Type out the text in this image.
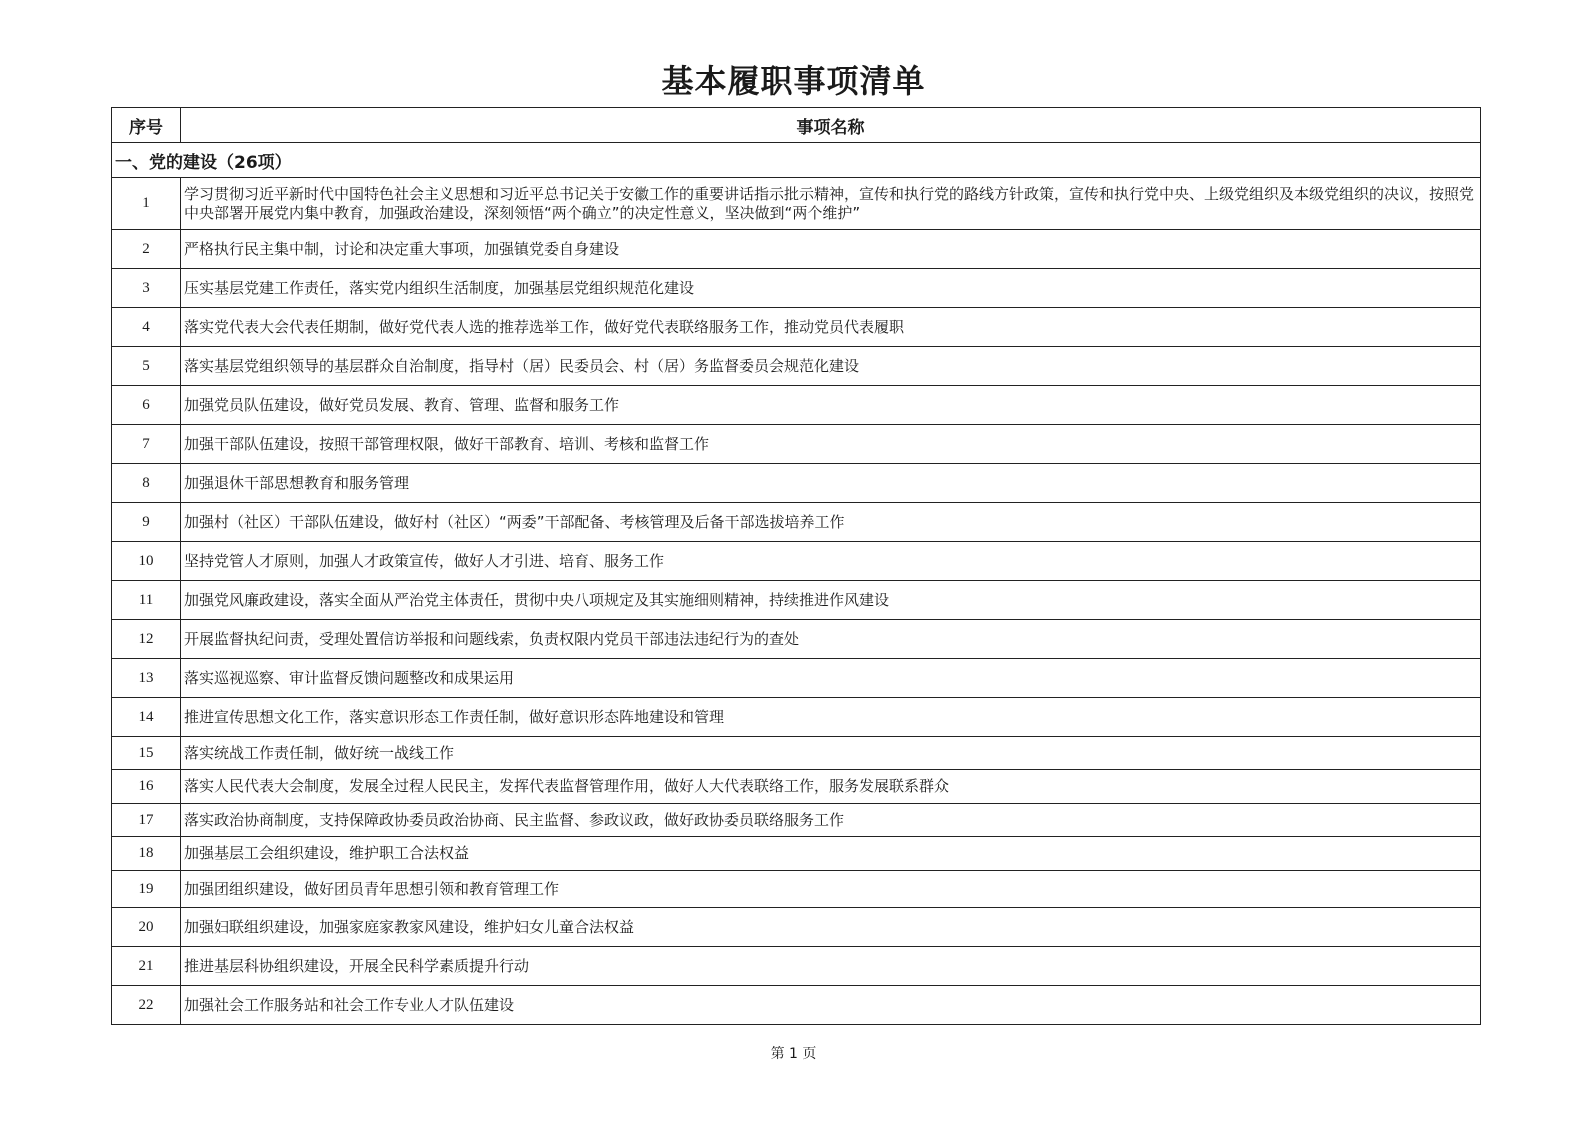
基本履职事项清单
序号	事项名称
一、党的建设（26项）	
1	学习贯彻习近平新时代中国特色社会主义思想和习近平总书记关于安徽工作的重要讲话指示批示精神，宣传和执行党的路线方针政策，宣传和执行党中央、上级党组织及本级党组织的决议，按照党中央部署开展党内集中教育，加强政治建设，深刻领悟“两个确立”的决定性意义，坚决做到“两个维护”
2	严格执行民主集中制，讨论和决定重大事项，加强镇党委自身建设
3	压实基层党建工作责任，落实党内组织生活制度，加强基层党组织规范化建设
4	落实党代表大会代表任期制，做好党代表人选的推荐选举工作，做好党代表联络服务工作，推动党员代表履职
5	落实基层党组织领导的基层群众自治制度，指导村（居）民委员会、村（居）务监督委员会规范化建设
6	加强党员队伍建设，做好党员发展、教育、管理、监督和服务工作
7	加强干部队伍建设，按照干部管理权限，做好干部教育、培训、考核和监督工作
8	加强退休干部思想教育和服务管理
9	加强村（社区）干部队伍建设，做好村（社区）“两委”干部配备、考核管理及后备干部选拔培养工作
10	坚持党管人才原则，加强人才政策宣传，做好人才引进、培育、服务工作
11	加强党风廉政建设，落实全面从严治党主体责任，贯彻中央八项规定及其实施细则精神，持续推进作风建设
12	开展监督执纪问责，受理处置信访举报和问题线索，负责权限内党员干部违法违纪行为的查处
13	落实巡视巡察、审计监督反馈问题整改和成果运用
14	推进宣传思想文化工作，落实意识形态工作责任制，做好意识形态阵地建设和管理
15	落实统战工作责任制，做好统一战线工作
16	落实人民代表大会制度，发展全过程人民民主，发挥代表监督管理作用，做好人大代表联络工作，服务发展联系群众
17	落实政治协商制度，支持保障政协委员政治协商、民主监督、参政议政，做好政协委员联络服务工作
18	加强基层工会组织建设，维护职工合法权益
19	加强团组织建设，做好团员青年思想引领和教育管理工作
20	加强妇联组织建设，加强家庭家教家风建设，维护妇女儿童合法权益
21	推进基层科协组织建设，开展全民科学素质提升行动
22	加强社会工作服务站和社会工作专业人才队伍建设
第 1 页
